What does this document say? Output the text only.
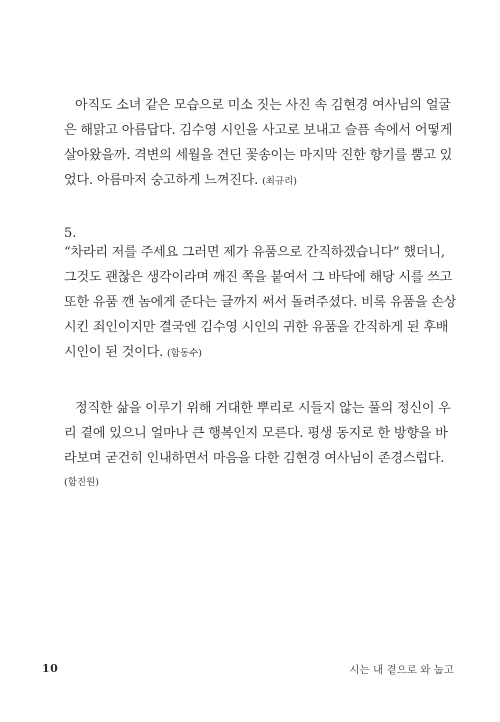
아직도 소녀 같은 모습으로 미소 짓는 사진 속 김현경 여사님의 얼굴
은 해맑고 아름답다. 김수영 시인을 사고로 보내고 슬픔 속에서 어떻게
살아왔을까. 격변의 세월을 견딘 꽃송이는 마지막 진한 향기를 뿜고 있
었다. 아름마저 숭고하게 느껴진다. (최규리)
5.
“차라리 저를 주세요 그러면 제가 유품으로 간직하겠습니다” 했더니,
그것도 괜찮은 생각이라며 깨진 쪽을 붙여서 그 바닥에 해당 시를 쓰고
또한 유품 깬 놈에게 준다는 글까지 써서 돌려주셨다. 비록 유품을 손상
시킨 죄인이지만 결국엔 김수영 시인의 귀한 유품을 간직하게 된 후배
시인이 된 것이다. (함동수)
정직한 삶을 이루기 위해 거대한 뿌리로 시들지 않는 풀의 정신이 우
리 곁에 있으니 얼마나 큰 행복인지 모른다. 평생 동지로 한 방향을 바
라보며 굳건히 인내하면서 마음을 다한 김현경 여사님이 존경스럽다.
(함진원)
10	시는 내 곁으로 와 눕고
